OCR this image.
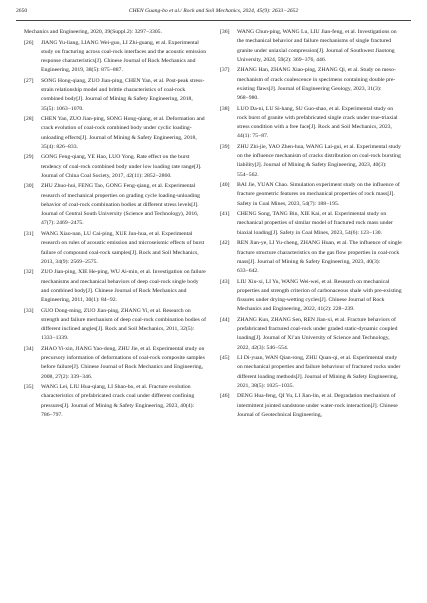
2650	CHEN Guang-bo et al./ Rock and Soil Mechanics, 2024, 45(9): 2633−2652
Mechanics and Engineering, 2020, 39(Suppl.2): 3297−3305.
[26] JIANG Yu-liang, LIANG Wei-guo, LI Zhi-guang, et al. Experimental study on fracturing across coal-rock interfaces and the acoustic emission response characteristics[J]. Chinese Journal of Rock Mechanics and Engineering, 2019, 38(5): 875−887.
[27] SONG Hong-qiang, ZUO Jian-ping, CHEN Yan, et al. Post-peak stress-strain relationship model and brittle characteristics of coal-rock combined body[J]. Journal of Mining & Safety Engineering, 2018, 35(5): 1063−1070.
[28] CHEN Yan, ZUO Jian-ping, SONG Hong-qiang, et al. Deformation and crack evolution of coal-rock combined body under cyclic loading-unloading effects[J]. Journal of Mining & Safety Engineering, 2018, 35(4): 826−833.
[29] GONG Feng-qiang, YE Hao, LUO Yong. Rate effect on the burst tendency of coal-rock combined body under low loading rate range[J]. Journal of China Coal Society, 2017, 42(11): 2852−2860.
[30] ZHU Zhuo-hui, FENG Tao, GONG Feng-qiang, et al. Experimental research of mechanical properties on grading cycle loading-unloading behavior of coal-rock combination bodies at different stress levels[J]. Journal of Central South University (Science and Technology), 2016, 47(7): 2469−2475.
[31] WANG Xiao-nan, LU Cai-ping, XUE Jun-hua, et al. Experimental research on rules of acoustic emission and microseismic effects of burst failure of compound coal-rock samples[J]. Rock and Soil Mechanics, 2013, 34(9): 2569−2575.
[32] ZUO Jian-ping, XIE He-ping, WU Ai-min, et al. Investigation on failure mechanisms and mechanical behaviors of deep coal-rock single body and combined body[J]. Chinese Journal of Rock Mechanics and Engineering, 2011, 30(1): 84−92.
[33] GUO Dong-ming, ZUO Jian-ping, ZHANG Yi, et al. Research on strength and failure mechanism of deep coal-rock combination bodies of different inclined angles[J]. Rock and Soil Mechanics, 2011, 32(5): 1333−1339.
[34] ZHAO Yi-xin, JIANG Yao-dong, ZHU Jie, et al. Experimental study on precursory information of deformations of coal-rock composite samples before failure[J]. Chinese Journal of Rock Mechanics and Engineering, 2008, 27(2): 339−346.
[35] WANG Lei, LIU Hua-qiang, LI Shao-bo, et al. Fracture evolution characteristics of prefabricated crack coal under different confining pressures[J]. Journal of Mining & Safety Engineering, 2023, 40(4): 786−797.
[36] WANG Chun-ping, WANG Lu, LIU Jian-feng, et al. Investigations on the mechanical behavior and failure mechanisms of single fractured granite under uniaxial compression[J]. Journal of Southwest Jiaotong University, 2024, 59(2): 369−376, 446.
[37] ZHANG Han, ZHANG Xiao-ping, ZHANG Qi, et al. Study on meso-mechanism of crack coalescence in specimens containing double pre-existing flaws[J]. Journal of Engineering Geology, 2023, 31(3): 968−980.
[38] LUO Da-ni, LU Si-hang, SU Guo-shao, et al. Experimental study on rock burst of granite with prefabricated single crack under true-triaxial stress condition with a free face[J]. Rock and Soil Mechanics, 2023, 44(1): 75−87.
[39] ZHU Zhi-jie, YAO Zhen-hua, WANG Lai-gui, et al. Experimental study on the influence mechanism of cracks distribution on coal-rock bursting liability[J]. Journal of Mining & Safety Engineering, 2023, 40(3): 554−562.
[40] BAI Jie, YUAN Chao. Simulation experiment study on the influence of fracture geometric features on mechanical properties of rock mass[J]. Safety in Coal Mines, 2023, 54(7): 188−195.
[41] CHENG Song, TANG Bin, XIE Kai, et al. Experimental study on mechanical properties of similar model of fractured rock mass under biaxial loading[J]. Safety in Coal Mines, 2023, 54(6): 123−130.
[42] REN Jian-ye, LI Yu-cheng, ZHANG Huan, et al. The influence of single fracture structure characteristics on the gas flow properties in coal-rock mass[J]. Journal of Mining & Safety Engineering, 2023, 40(3): 633−642.
[43] LIU Xiu-xi, LI Yu, WANG Wei-wei, et al. Research on mechanical properties and strength criterion of carbonaceous shale with pre-existing fissures under drying-wetting cycles[J]. Chinese Journal of Rock Mechanics and Engineering, 2022, 41(2): 228−239.
[44] ZHANG Kun, ZHANG Sen, REN Jian-xi, et al. Fracture behaviors of prefabricated fractured coal-rock under graded static-dynamic coupled loading[J]. Journal of Xi’an University of Science and Technology, 2022, 42(3): 546−554.
[45] LI Di-yuan, WAN Qian-rong, ZHU Quan-qi, et al. Experimental study on mechanical properties and failure behaviour of fractured rocks under different loading methods[J]. Journal of Mining & Safety Engineering, 2021, 38(5): 1025−1035.
[46] DENG Hua-feng, QI Yu, LI Jian-lin, et al. Degradation mechanism of intermittent jointed sandstone under water-rock interaction[J]. Chinese Journal of Geotechnical Engineering,
